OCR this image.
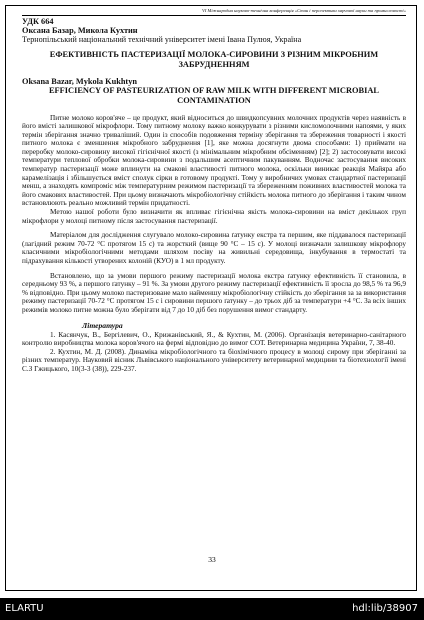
VI Міжнародна науково-технічна конференція «Стан і перспективи харчової науки та промисловості»
УДК 664
Оксана Базар, Микола Кухтин
Тернопільський національний технічний університет імені Івана Пулюя, Україна
ЕФЕКТИВНІСТЬ ПАСТЕРИЗАЦІЇ МОЛОКА-СИРОВИНИ З РІЗНИМ МІКРОБНИМ ЗАБРУДНЕННЯМ
Oksana Bazar, Mykola Kukhtyn
EFFICIENCY OF PASTEURIZATION OF RAW MILK WITH DIFFERENT MICROBIAL CONTAMINATION

Питне молоко коров'яче – це продукт, який відноситься до швидкопсувних молочних продуктів через наявність в його вмісті залишкової мікрофлори. Тому питному молоку важко конкурувати з різними кисломолочними напоями, у яких термін зберігання значно триваліший. Один із способів подовження терміну зберігання та збереження товарності і якості питного молока є зменшення мікробного забруднення [1], яке можна досягнути двома способами: 1) приймати на переробку молоко-сировину високої гігієнічної якості (з мінімальним мікробним обсіменням) [2]; 2) застосовувати високі температури теплової обробки молока-сировини з подальшим асептичним пакуванням. Водночас застосування високих температур пастеризації може вплинути на смакові властивості питного молока, оскільки виникає реакція Майяра або карамелізація і збільшується вміст сполук сірки в готовому продукті. Тому у виробничих умовах стандартної пастеризації менш, а знаходять компроміс між температурним режимом пастеризації та збереженням поживних властивостей молока та його смакових властивостей. При цьому визначають мікробіологічну стійкість молока питного до зберігання і таким чином встановлюють реально можливий термін придатності.

Метою нашої роботи було визначити як впливає гігієнічна якість молока-сировини на вміст декількох груп мікрофлори у молоці питному після застосування пастеризації.

Матеріалом для дослідження слугувало молоко-сировина ґатунку екстра та першим, яке піддавалося пастеризації (лагідний режим 70-72 °С протягом 15 с) та жорсткий (вище 90 °С – 15 с). У молоці визначали залишкову мікрофлору класичними мікробіологічними методами шляхом посіву на живильні середовища, інкубування в термостаті та підрахування кількості утворених колоній (КУО) в 1 мл продукту.

Встановлено, що за умови першого режиму пастеризації молока екстра ґатунку ефективність її становила, в середньому 93 %, а першого ґатунку – 91 %. За умови другого режиму пастеризації ефективність її зросла до 98,5 % та 96,9 % відповідно. При цьому молоко пастеризоване мало найменшу мікробіологічну стійкість до зберігання за за використання режиму пастеризації 70-72 °С протягом 15 с і сировини першого ґатунку – до трьох діб за температури +4 °С. За всіх інших режимів молоко питне можна було зберігати від 7 до 10 діб без порушення вимог стандарту.

Література

1. Касянчук, В., Бергілевич, О., Крижанівський, Я., & Кухтин, М. (2006). Організація ветеринарно-санітарного контролю виробництва молока коров'ячого на фермі відповідно до вимог СОТ. Ветеринарна медицина України, 7, 38-40.

2. Кухтин, М. Д. (2008). Динаміка мікробіологічного та біохімічного процесу в молоці сирому при зберіганні за різних температур. Науковий вісник Львівського національного університету ветеринарної медицини та біотехнології імені С.З Гжицького, 10(3-3 (38)), 229-237.

33
ELARTU	hdl:lib/38907
